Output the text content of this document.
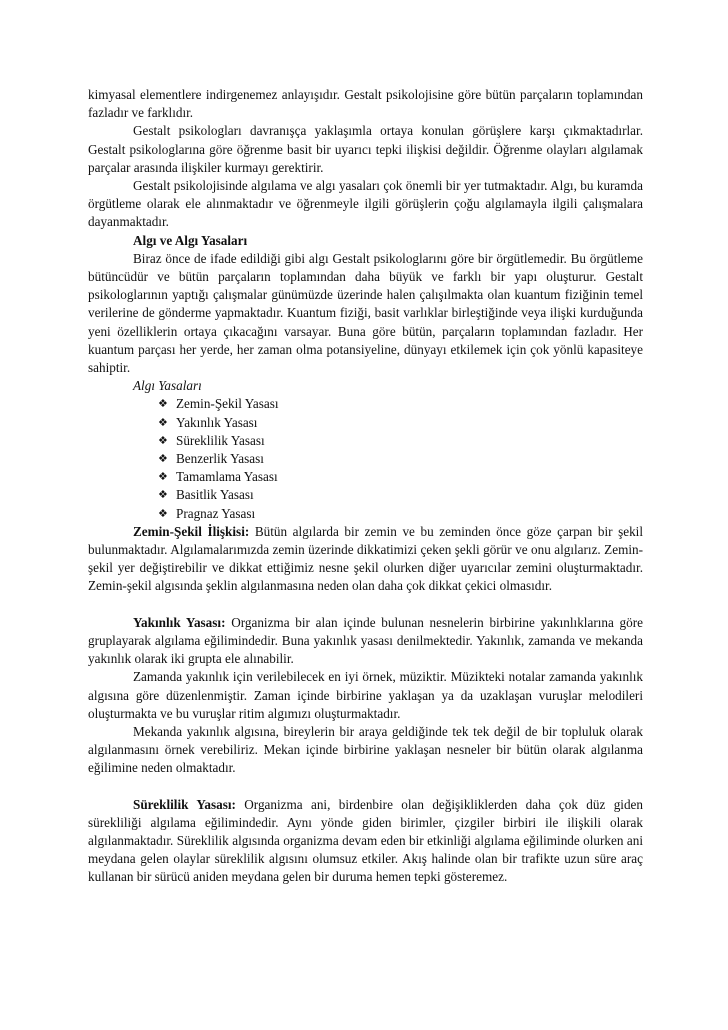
kimyasal elementlere indirgenemez anlayışıdır. Gestalt psikolojisine göre bütün parçaların toplamından fazladır ve farklıdır.

Gestalt psikologları davranışça yaklaşımla ortaya konulan görüşlere karşı çıkmaktadırlar. Gestalt psikologlarına göre öğrenme basit bir uyarıcı tepki ilişkisi değildir. Öğrenme olayları algılamak parçalar arasında ilişkiler kurmayı gerektirir.

Gestalt psikolojisinde algılama ve algı yasaları çok önemli bir yer tutmaktadır. Algı, bu kuramda örgütleme olarak ele alınmaktadır ve öğrenmeyle ilgili görüşlerin çoğu algılamayla ilgili çalışmalara dayanmaktadır.

Algı ve Algı Yasaları

Biraz önce de ifade edildiği gibi algı Gestalt psikologlarını göre bir örgütlemedir. Bu örgütleme bütüncüdür ve bütün parçaların toplamından daha büyük ve farklı bir yapı oluşturur. Gestalt psikologlarının yaptığı çalışmalar günümüzde üzerinde halen çalışılmakta olan kuantum fiziğinin temel verilerine de gönderme yapmaktadır. Kuantum fiziği, basit varlıklar birleştiğinde veya ilişki kurduğunda yeni özelliklerin ortaya çıkacağını varsayar. Buna göre bütün, parçaların toplamından fazladır. Her kuantum parçası her yerde, her zaman olma potansiyeline, dünyayı etkilemek için çok yönlü kapasiteye sahiptir.

Algı Yasaları

❖ Zemin-Şekil Yasası
❖ Yakınlık Yasası
❖ Süreklilik Yasası
❖ Benzerlik Yasası
❖ Tamamlama Yasası
❖ Basitlik Yasası
❖ Pragnaz Yasası

Zemin-Şekil İlişkisi: Bütün algılarda bir zemin ve bu zeminden önce göze çarpan bir şekil bulunmaktadır. Algılamalarımızda zemin üzerinde dikkatimizi çeken şekli görür ve onu algılarız. Zemin-şekil yer değiştirebilir ve dikkat ettiğimiz nesne şekil olurken diğer uyarıcılar zemini oluşturmaktadır. Zemin-şekil algısında şeklin algılanmasına neden olan daha çok dikkat çekici olmasıdır.

Yakınlık Yasası: Organizma bir alan içinde bulunan nesnelerin birbirine yakınlıklarına göre gruplayarak algılama eğilimindedir. Buna yakınlık yasası denilmektedir. Yakınlık, zamanda ve mekanda yakınlık olarak iki grupta ele alınabilir.

Zamanda yakınlık için verilebilecek en iyi örnek, müziktir. Müzikteki notalar zamanda yakınlık algısına göre düzenlenmiştir. Zaman içinde birbirine yaklaşan ya da uzaklaşan vuruşlar melodileri oluşturmakta ve bu vuruşlar ritim algımızı oluşturmaktadır.

Mekanda yakınlık algısına, bireylerin bir araya geldiğinde tek tek değil de bir topluluk olarak algılanmasını örnek verebiliriz. Mekan içinde birbirine yaklaşan nesneler bir bütün olarak algılanma eğilimine neden olmaktadır.

Süreklilik Yasası: Organizma ani, birdenbire olan değişikliklerden daha çok düz giden sürekliliği algılama eğilimindedir. Aynı yönde giden birimler, çizgiler birbiri ile ilişkili olarak algılanmaktadır. Süreklilik algısında organizma devam eden bir etkinliği algılama eğiliminde olurken ani meydana gelen olaylar süreklilik algısını olumsuz etkiler. Akış halinde olan bir trafikte uzun süre araç kullanan bir sürücü aniden meydana gelen bir duruma hemen tepki gösteremez.
